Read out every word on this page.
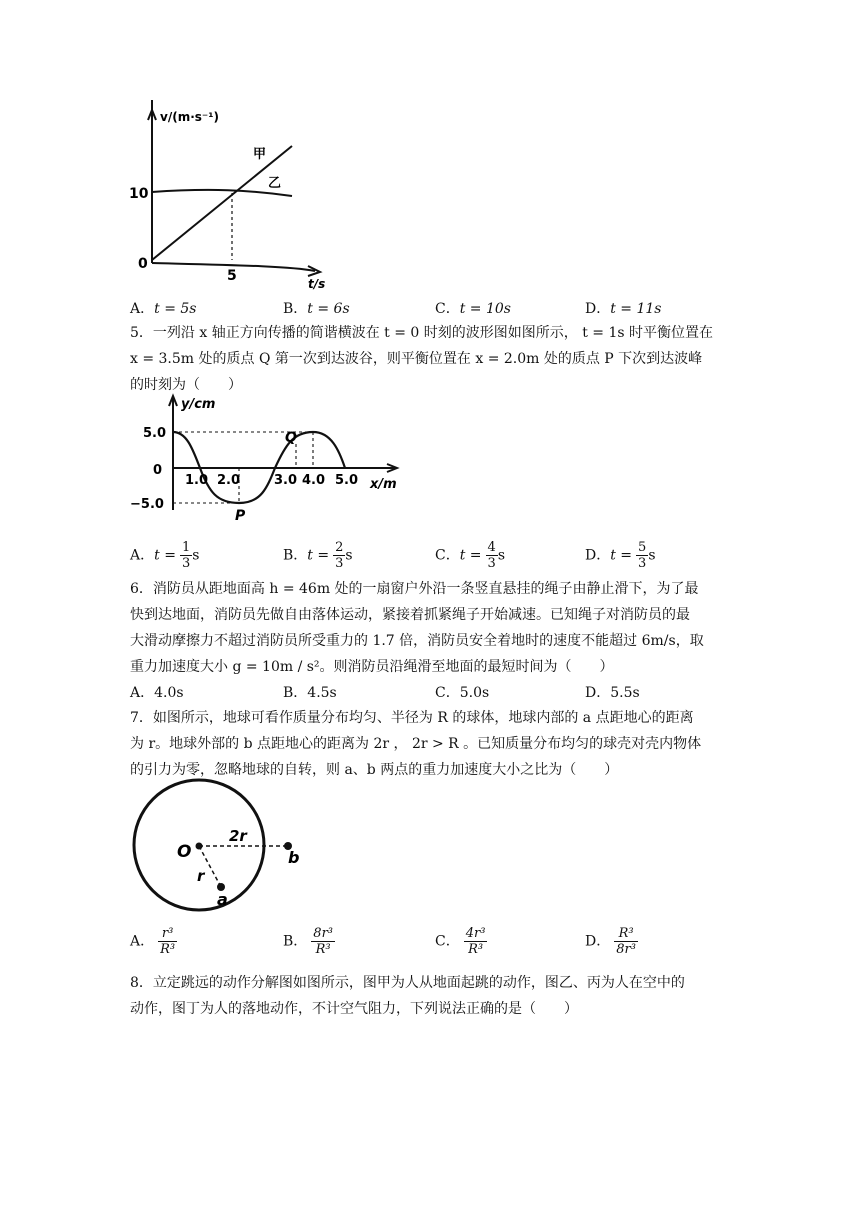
v/(m·s⁻¹)
10
0
5	t/s
甲
乙
A．t = 5s	B．t = 6s	C．t = 10s	D．t = 11s
5．一列沿 x 轴正方向传播的简谐横波在 t = 0 时刻的波形图如图所示， t = 1s 时平衡位置在
x = 3.5m 处的质点 Q 第一次到达波谷，则平衡位置在 x = 2.0m 处的质点 P 下次到达波峰
的时刻为（　　）
y/cm
5.0
0
−5.0
1.0 2.0	3.0 4.0 5.0 x/m
Q
P
A．$t = \frac{1}{3}$ s	B．$t = \frac{2}{3}$ s	C．$t = \frac{4}{3}$ s	D．$t = \frac{5}{3}$ s
6．消防员从距地面高 h = 46m 处的一扇窗户外沿一条竖直悬挂的绳子由静止滑下，为了最
快到达地面，消防员先做自由落体运动，紧接着抓紧绳子开始减速。已知绳子对消防员的最
大滑动摩擦力不超过消防员所受重力的 1.7 倍，消防员安全着地时的速度不能超过 6m/s，取
重力加速度大小 g = 10m / s²。则消防员沿绳滑至地面的最短时间为（　　）
A．4.0s	B．4.5s	C．5.0s	D．5.5s
7．如图所示，地球可看作质量分布均匀、半径为 R 的球体，地球内部的 a 点距地心的距离
为 r。地球外部的 b 点距地心的距离为 2r ， 2r > R 。已知质量分布均匀的球壳对壳内物体
的引力为零，忽略地球的自转，则 a、b 两点的重力加速度大小之比为（　　）
O
2r
r
a
b
A． $\frac{\text{r³}}{\text{R³}}$	B． $\frac{\text{8r³}}{\text{R³}}$	C． $\frac{\text{4r³}}{\text{R³}}$	D． $\frac{\text{R³}}{\text{8r³}}$
8．立定跳远的动作分解图如图所示，图甲为人从地面起跳的动作，图乙、丙为人在空中的
动作，图丁为人的落地动作，不计空气阻力，下列说法正确的是（　　）
